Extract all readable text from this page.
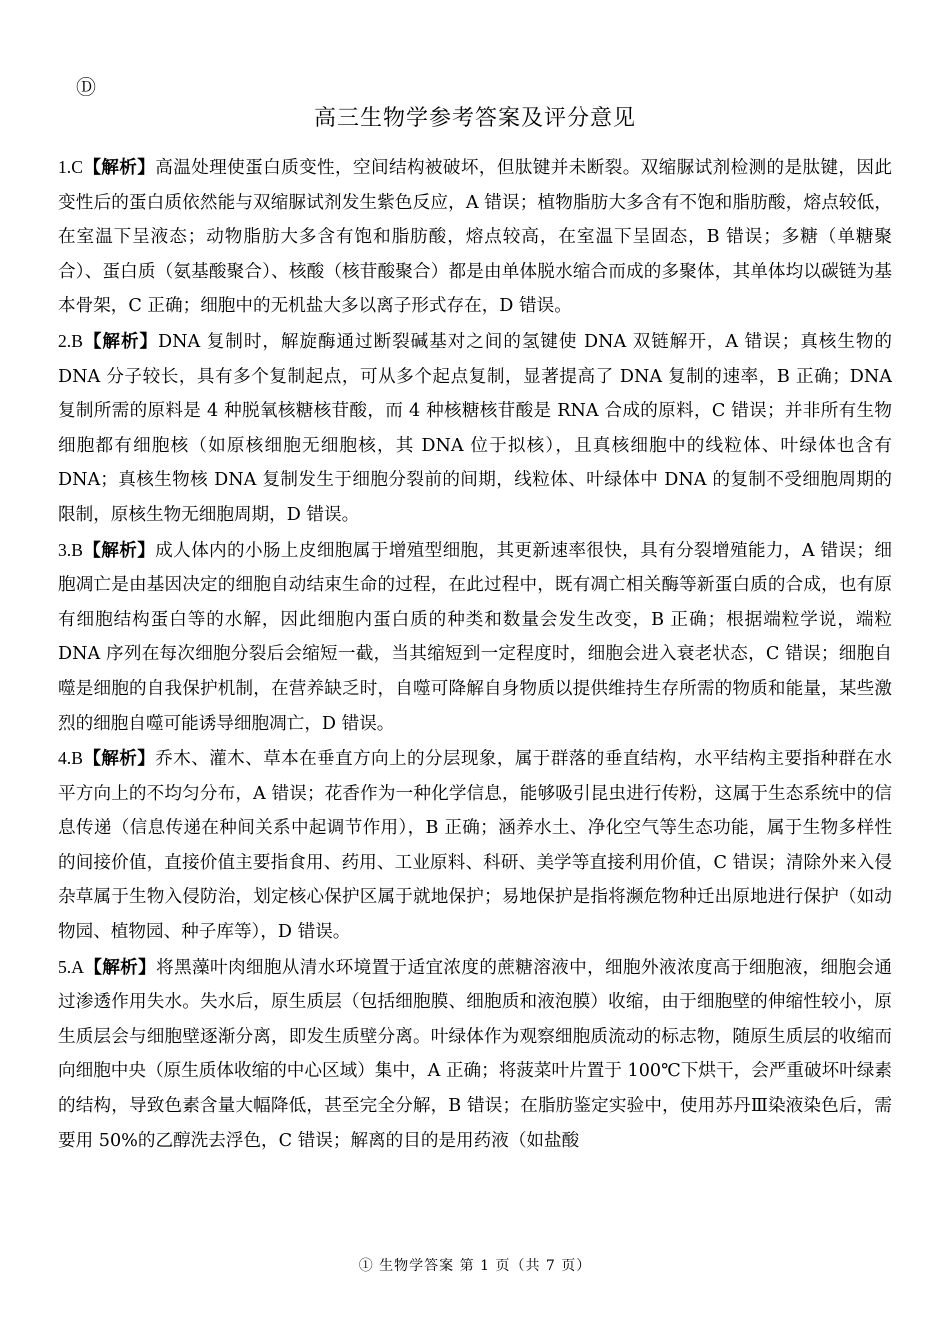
Ⓓ
高三生物学参考答案及评分意见

1.C【解析】高温处理使蛋白质变性，空间结构被破坏，但肽键并未断裂。双缩脲试剂检测的是肽键，因此变性后的蛋白质依然能与双缩脲试剂发生紫色反应，A 错误；植物脂肪大多含有不饱和脂肪酸，熔点较低，在室温下呈液态；动物脂肪大多含有饱和脂肪酸，熔点较高，在室温下呈固态，B 错误；多糖（单糖聚合）、蛋白质（氨基酸聚合）、核酸（核苷酸聚合）都是由单体脱水缩合而成的多聚体，其单体均以碳链为基本骨架，C 正确；细胞中的无机盐大多以离子形式存在，D 错误。

2.B【解析】DNA 复制时，解旋酶通过断裂碱基对之间的氢键使 DNA 双链解开，A 错误；真核生物的 DNA 分子较长，具有多个复制起点，可从多个起点复制，显著提高了 DNA 复制的速率，B 正确；DNA 复制所需的原料是 4 种脱氧核糖核苷酸，而 4 种核糖核苷酸是 RNA 合成的原料，C 错误；并非所有生物细胞都有细胞核（如原核细胞无细胞核，其 DNA 位于拟核），且真核细胞中的线粒体、叶绿体也含有 DNA；真核生物核 DNA 复制发生于细胞分裂前的间期，线粒体、叶绿体中 DNA 的复制不受细胞周期的限制，原核生物无细胞周期，D 错误。

3.B【解析】成人体内的小肠上皮细胞属于增殖型细胞，其更新速率很快，具有分裂增殖能力，A 错误；细胞凋亡是由基因决定的细胞自动结束生命的过程，在此过程中，既有凋亡相关酶等新蛋白质的合成，也有原有细胞结构蛋白等的水解，因此细胞内蛋白质的种类和数量会发生改变，B 正确；根据端粒学说，端粒 DNA 序列在每次细胞分裂后会缩短一截，当其缩短到一定程度时，细胞会进入衰老状态，C 错误；细胞自噬是细胞的自我保护机制，在营养缺乏时，自噬可降解自身物质以提供维持生存所需的物质和能量，某些激烈的细胞自噬可能诱导细胞凋亡，D 错误。

4.B【解析】乔木、灌木、草本在垂直方向上的分层现象，属于群落的垂直结构，水平结构主要指种群在水平方向上的不均匀分布，A 错误；花香作为一种化学信息，能够吸引昆虫进行传粉，这属于生态系统中的信息传递（信息传递在种间关系中起调节作用），B 正确；涵养水土、净化空气等生态功能，属于生物多样性的间接价值，直接价值主要指食用、药用、工业原料、科研、美学等直接利用价值，C 错误；清除外来入侵杂草属于生物入侵防治，划定核心保护区属于就地保护；易地保护是指将濒危物种迁出原地进行保护（如动物园、植物园、种子库等），D 错误。

5.A【解析】将黑藻叶肉细胞从清水环境置于适宜浓度的蔗糖溶液中，细胞外液浓度高于细胞液，细胞会通过渗透作用失水。失水后，原生质层（包括细胞膜、细胞质和液泡膜）收缩，由于细胞壁的伸缩性较小，原生质层会与细胞壁逐渐分离，即发生质壁分离。叶绿体作为观察细胞质流动的标志物，随原生质层的收缩而向细胞中央（原生质体收缩的中心区域）集中，A 正确；将菠菜叶片置于 100℃下烘干，会严重破坏叶绿素的结构，导致色素含量大幅降低，甚至完全分解，B 错误；在脂肪鉴定实验中，使用苏丹Ⅲ染液染色后，需要用 50%的乙醇洗去浮色，C 错误；解离的目的是用药液（如盐酸

① 生物学答案 第 1 页（共 7 页）
